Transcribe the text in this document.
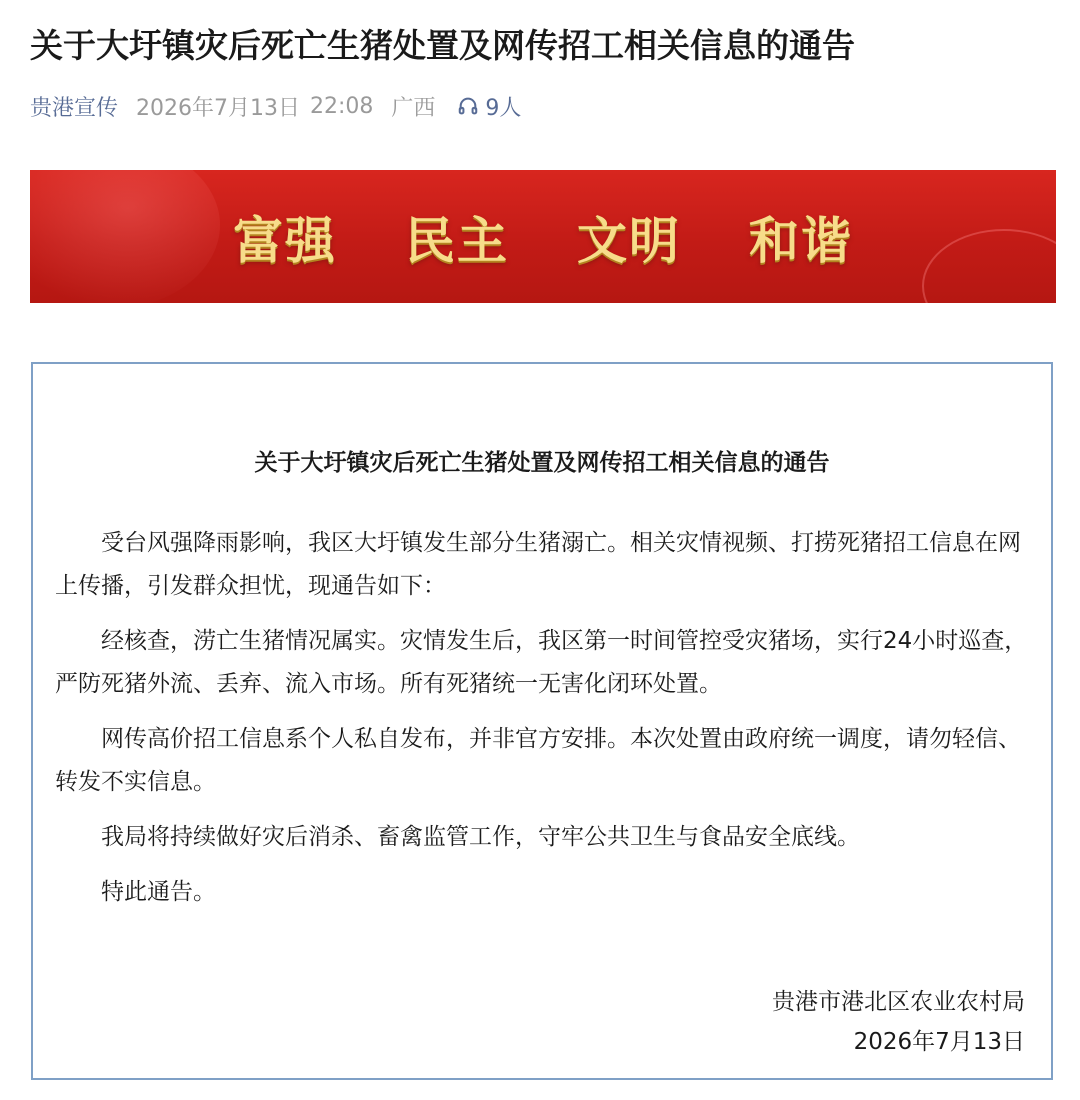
关于大圩镇灾后死亡生猪处置及网传招工相关信息的通告
贵港宣传 2026年7月13日 22:08 广西 9人
富强 民主 文明 和谐
关于大圩镇灾后死亡生猪处置及网传招工相关信息的通告

受台风强降雨影响，我区大圩镇发生部分生猪溺亡。相关灾情视频、打捞死猪招工信息在网上传播，引发群众担忧，现通告如下：

经核查，涝亡生猪情况属实。灾情发生后，我区第一时间管控受灾猪场，实行24小时巡查，严防死猪外流、丢弃、流入市场。所有死猪统一无害化闭环处置。

网传高价招工信息系个人私自发布，并非官方安排。本次处置由政府统一调度，请勿轻信、转发不实信息。

我局将持续做好灾后消杀、畜禽监管工作，守牢公共卫生与食品安全底线。

特此通告。

贵港市港北区农业农村局
2026年7月13日
